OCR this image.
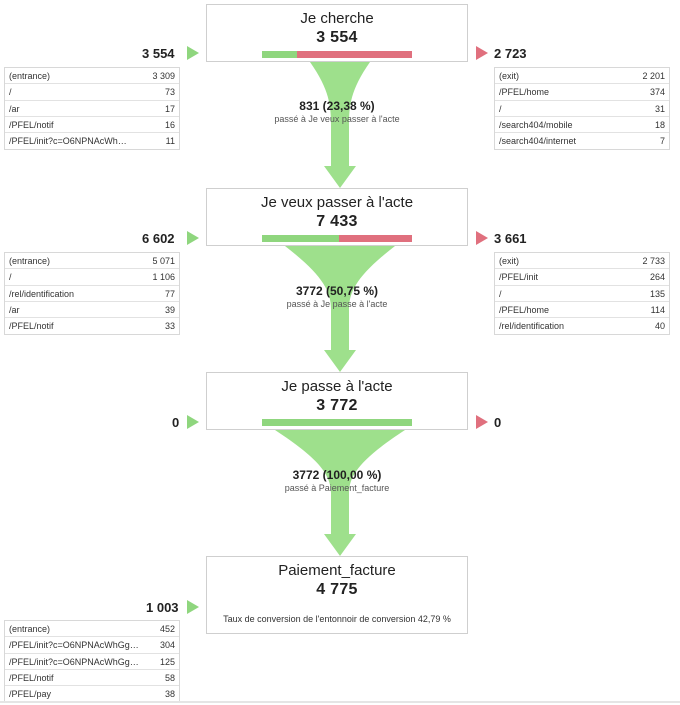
Je cherche
3 554
3 554	2 723
(entrance)	3 309
/	73
/ar	17
/PFEL/notif	16
/PFEL/init?c=O6NPNAcWh…	11
(exit)	2 201
/PFEL/home	374
/	31
/search404/mobile	18
/search404/internet	7
831 (23,38 %)
passé à Je veux passer à l'acte
Je veux passer à l'acte
7 433
6 602	3 661
(entrance)	5 071
/	1 106
/rel/identification	77
/ar	39
/PFEL/notif	33
(exit)	2 733
/PFEL/init	264
/	135
/PFEL/home	114
/rel/identification	40
3772 (50,75 %)
passé à Je passe à l'acte
Je passe à l'acte
3 772
0	0
3772 (100,00 %)
passé à Paiement_facture
Paiement_facture
4 775
Taux de conversion de l'entonnoir de conversion 42,79 %
1 003
(entrance)	452
/PFEL/init?c=O6NPNAcWhGg… 304
/PFEL/init?c=O6NPNAcWhGg… 125
/PFEL/notif	58
/PFEL/pay	38
